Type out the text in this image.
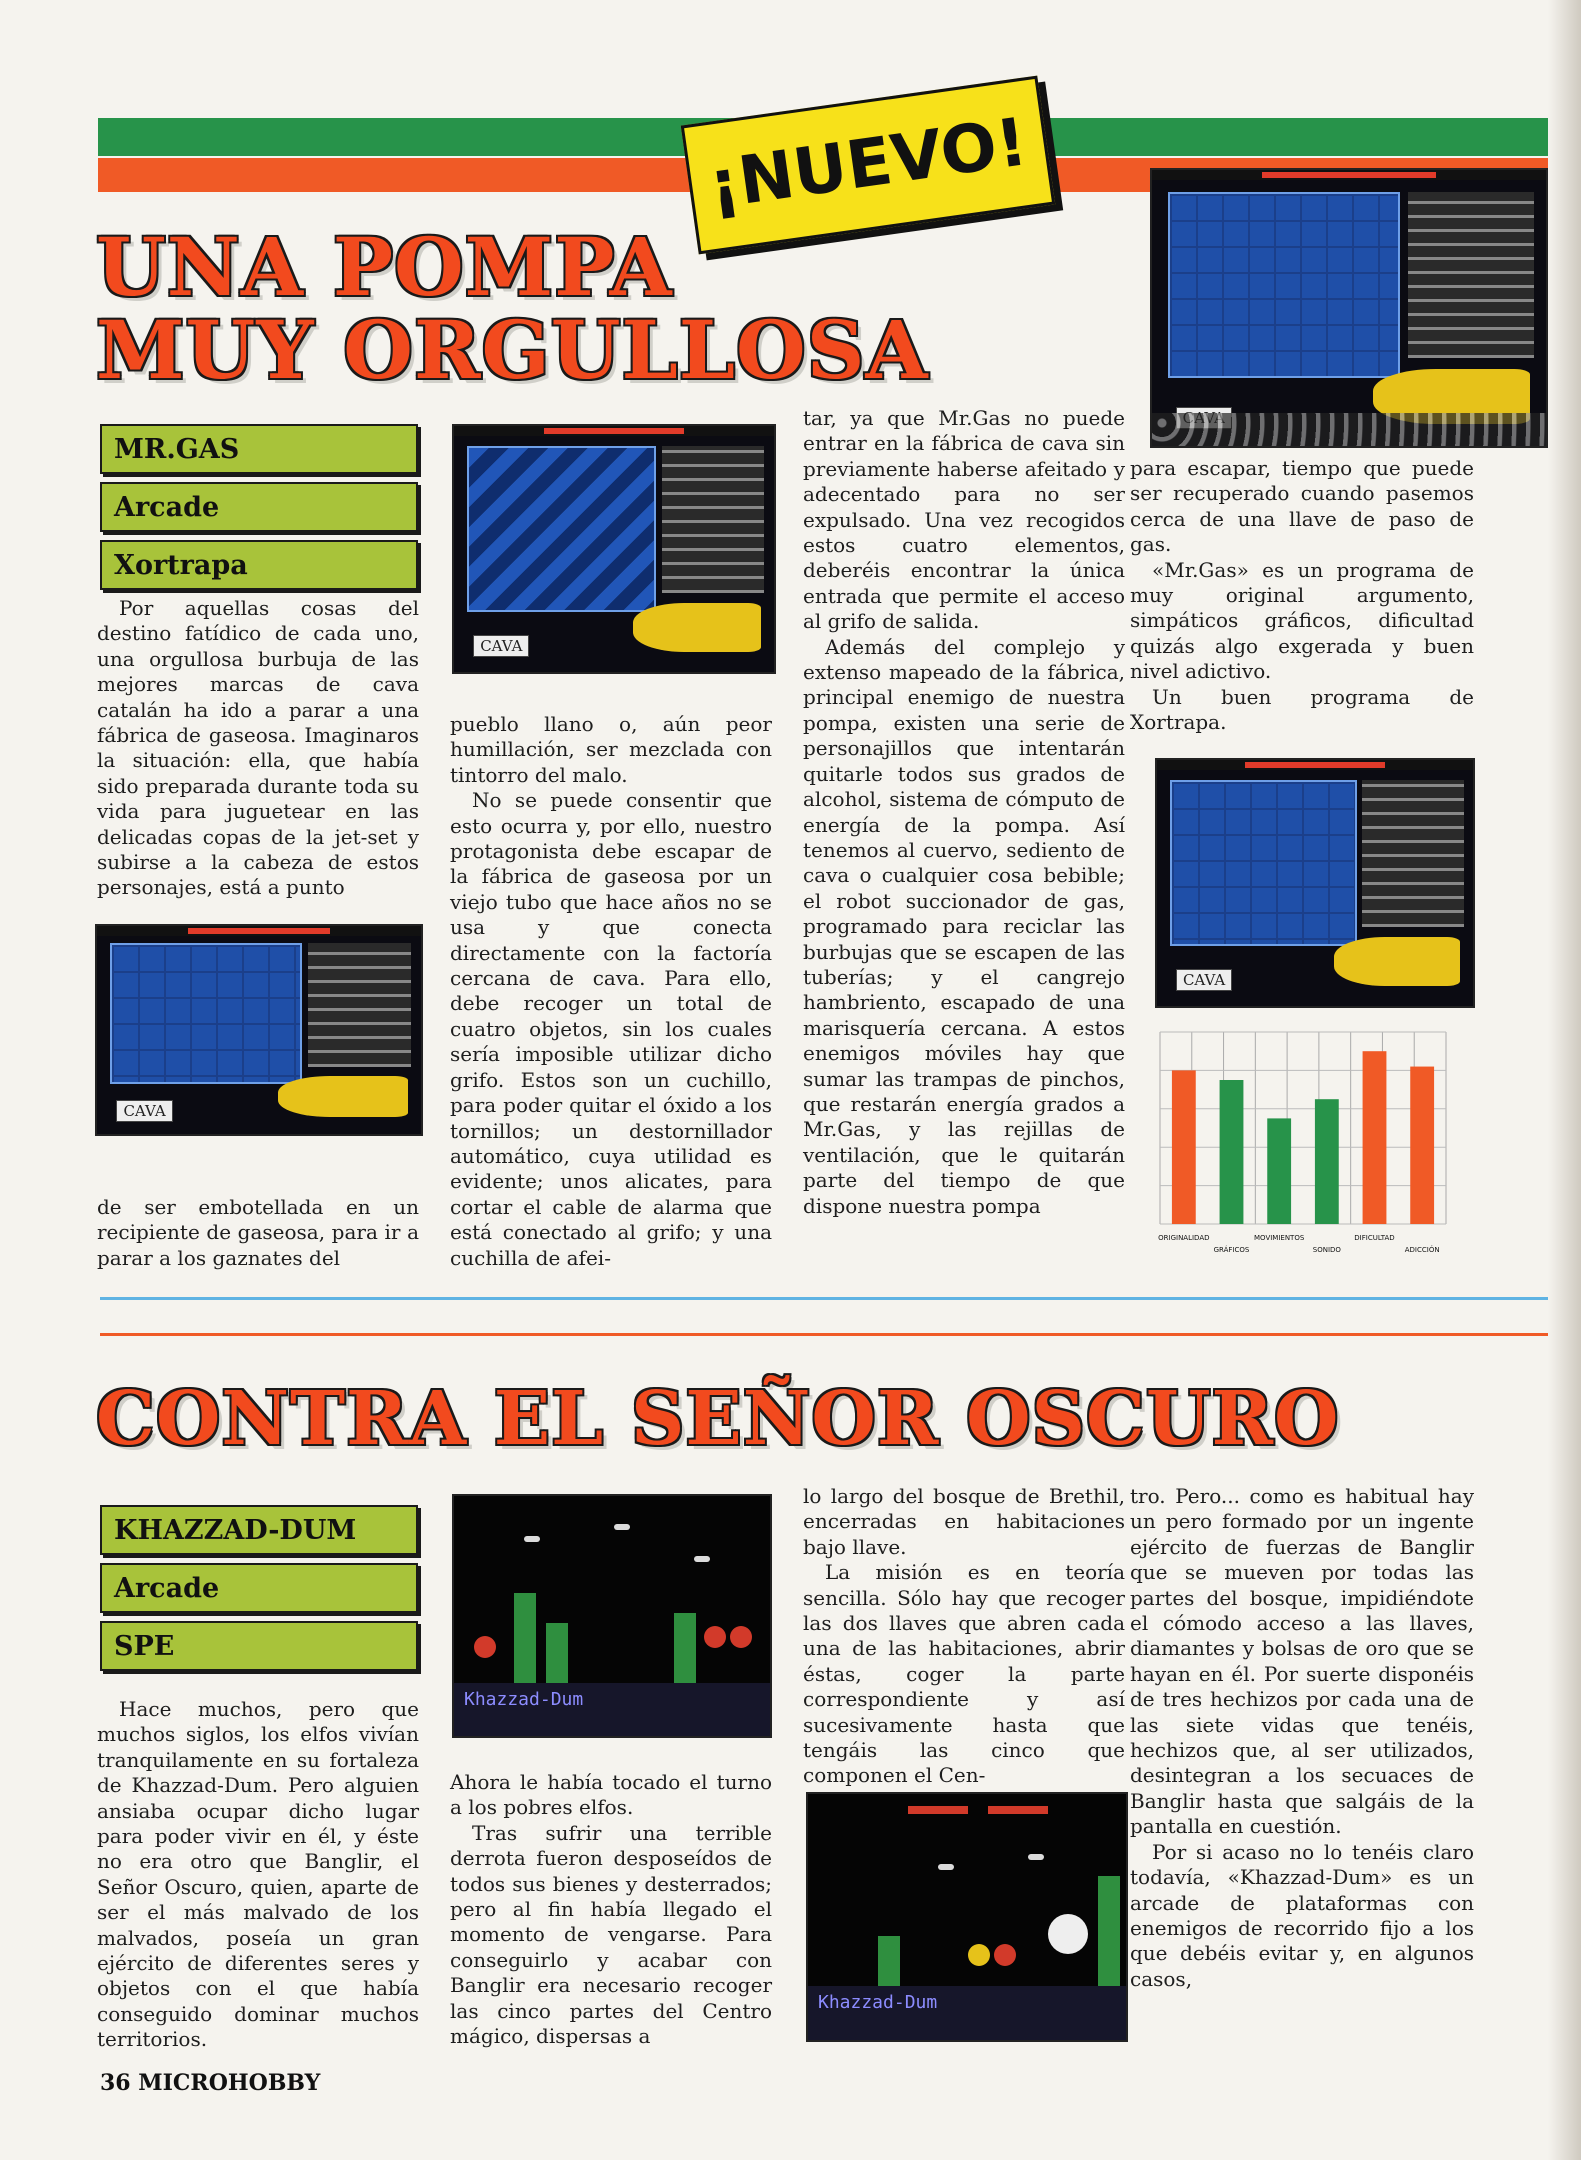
¡NUEVO!
UNA POMPA
MUY ORGULLOSA
MR.GAS
Arcade
Xortrapa

Por aquellas cosas del destino fatídico de cada uno, una orgullosa burbuja de las mejores marcas de cava catalán ha ido a parar a una fábrica de gaseosa. Imaginaros la situación: ella, que había sido preparada durante toda su vida para juguetear en las delicadas copas de la jet-set y subirse a la cabeza de estos personajes, está a punto

CAVA

de ser embotellada en un recipiente de gaseosa, para ir a parar a los gaznates del

CAVA

pueblo llano o, aún peor humillación, ser mezclada con tintorro del malo.

No se puede consentir que esto ocurra y, por ello, nuestro protagonista debe escapar de la fábrica de gaseosa por un viejo tubo que hace años no se usa y que conecta directamente con la factoría cercana de cava. Para ello, debe recoger un total de cuatro objetos, sin los cuales sería imposible utilizar dicho grifo. Estos son un cuchillo, para poder quitar el óxido a los tornillos; un destornillador automático, cuya utilidad es evidente; unos alicates, para cortar el cable de alarma que está conectado al grifo; y una cuchilla de afei-

tar, ya que Mr.Gas no puede entrar en la fábrica de cava sin previamente haberse afeitado y adecentado para no ser expulsado. Una vez recogidos estos cuatro elementos, deberéis encontrar la única entrada que permite el acceso al grifo de salida.

Además del complejo y extenso mapeado de la fábrica, principal enemigo de nuestra pompa, existen una serie de personajillos que intentarán quitarle todos sus grados de alcohol, sistema de cómputo de energía de la pompa. Así tenemos al cuervo, sediento de cava o cualquier cosa bebible; el robot succionador de gas, programado para reciclar las burbujas que se escapen de las tuberías; y el cangrejo hambriento, escapado de una marisquería cercana. A estos enemigos móviles hay que sumar las trampas de pinchos, que restarán energía grados a Mr.Gas, y las rejillas de ventilación, que le quitarán parte del tiempo de que dispone nuestra pompa

para escapar, tiempo que puede ser recuperado cuando pasemos cerca de una llave de paso de gas.

«Mr.Gas» es un programa de muy original argumento, simpáticos gráficos, dificultad quizás algo exgerada y buen nivel adictivo.

Un buen programa de Xortrapa.

CAVA
ORIGINALIDAD
GRÁFICOS
MOVIMIENTOS
SONIDO
DIFICULTAD
ADICCIÓN
CONTRA EL SEÑOR OSCURO
KHAZZAD-DUM
Arcade
SPE

Hace muchos, pero que muchos siglos, los elfos vivían tranquilamente en su fortaleza de Khazzad-Dum. Pero alguien ansiaba ocupar dicho lugar para poder vivir en él, y éste no era otro que Banglir, el Señor Oscuro, quien, aparte de ser el más malvado de los malvados, poseía un gran ejército de diferentes seres y objetos con el que había conseguido dominar muchos territorios.

Khazzad-Dum

Ahora le había tocado el turno a los pobres elfos.

Tras sufrir una terrible derrota fueron desposeídos de todos sus bienes y desterrados; pero al fin había llegado el momento de vengarse. Para conseguirlo y acabar con Banglir era necesario recoger las cinco partes del Centro mágico, dispersas a

lo largo del bosque de Brethil, encerradas en habitaciones bajo llave.

La misión es en teoría sencilla. Sólo hay que recoger las dos llaves que abren cada una de las habitaciones, abrir éstas, coger la parte correspondiente y así sucesivamente hasta que tengáis las cinco que componen el Cen-

Khazzad-Dum

tro. Pero... como es habitual hay un pero formado por un ingente ejército de fuerzas de Banglir que se mueven por todas las partes del bosque, impidiéndote el cómodo acceso a las llaves, diamantes y bolsas de oro que se hayan en él. Por suerte disponéis de tres hechizos por cada una de las siete vidas que tenéis, hechizos que, al ser utilizados, desintegran a los secuaces de Banglir hasta que salgáis de la pantalla en cuestión.

Por si acaso no lo tenéis claro todavía, «Khazzad-Dum» es un arcade de plataformas con enemigos de recorrido fijo a los que debéis evitar y, en algunos casos,

36 MICROHOBBY
